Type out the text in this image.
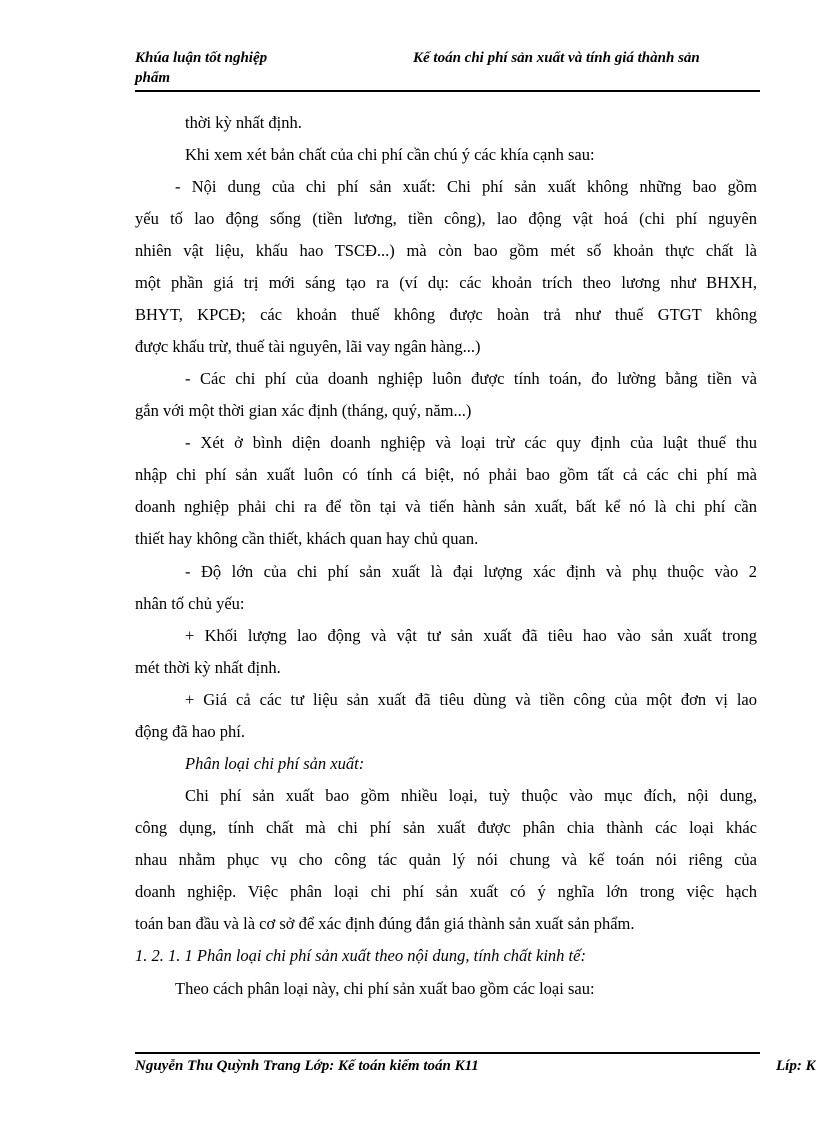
Khúa luận tốt nghiệp
phẩm
Kế toán chi phí sản xuất và tính giá thành sản
thời kỳ nhất định.
Khi xem xét bản chất của chi phí cần chú ý các khía cạnh sau:
- Nội dung của chi phí sản xuất: Chi phí sản xuất không những bao gồm
yếu tố lao động sống (tiền lương, tiền công), lao động vật hoá (chi phí nguyên
nhiên vật liệu, khấu hao TSCĐ...) mà còn bao gồm mét số khoản thực chất là
một phần giá trị mới sáng tạo ra (ví dụ: các khoản trích theo lương như BHXH,
BHYT, KPCĐ; các khoản thuế không được hoàn trả như thuế GTGT không
được khấu trừ, thuế tài nguyên, lãi vay ngân hàng...)
- Các chi phí của doanh nghiệp luôn được tính toán, đo lường bằng tiền và
gắn với một thời gian xác định (tháng, quý, năm...)
- Xét ở bình diện doanh nghiệp và loại trừ các quy định của luật thuế thu
nhập chi phí sản xuất luôn có tính cá biệt, nó phải bao gồm tất cả các chi phí mà
doanh nghiệp phải chi ra để tồn tại và tiến hành sản xuất, bất kể nó là chi phí cần
thiết hay không cần thiết, khách quan hay chủ quan.
- Độ lớn của chi phí sản xuất là đại lượng xác định và phụ thuộc vào 2
nhân tố chủ yếu:
+ Khối lượng lao động và vật tư sản xuất đã tiêu hao vào sản xuất trong
mét thời kỳ nhất định.
+ Giá cả các tư liệu sản xuất đã tiêu dùng và tiền công của một đơn vị lao
động đã hao phí.
Phân loại chi phí sản xuất:
Chi phí sản xuất bao gồm nhiều loại, tuỳ thuộc vào mục đích, nội dung,
công dụng, tính chất mà chi phí sản xuất được phân chia thành các loại khác
nhau nhằm phục vụ cho công tác quản lý nói chung và kế toán nói riêng của
doanh nghiệp. Việc phân loại chi phí sản xuất có ý nghĩa lớn trong việc hạch
toán ban đầu và là cơ sở để xác định đúng đắn giá thành sản xuất sản phẩm.
1. 2. 1. 1 Phân loại chi phí sản xuất theo nội dung, tính chất kinh tế:
Theo cách phân loại này, chi phí sản xuất bao gồm các loại sau:
Nguyễn Thu Quỳnh Trang Lớp: Kế toán kiểm toán K11	Líp: K
